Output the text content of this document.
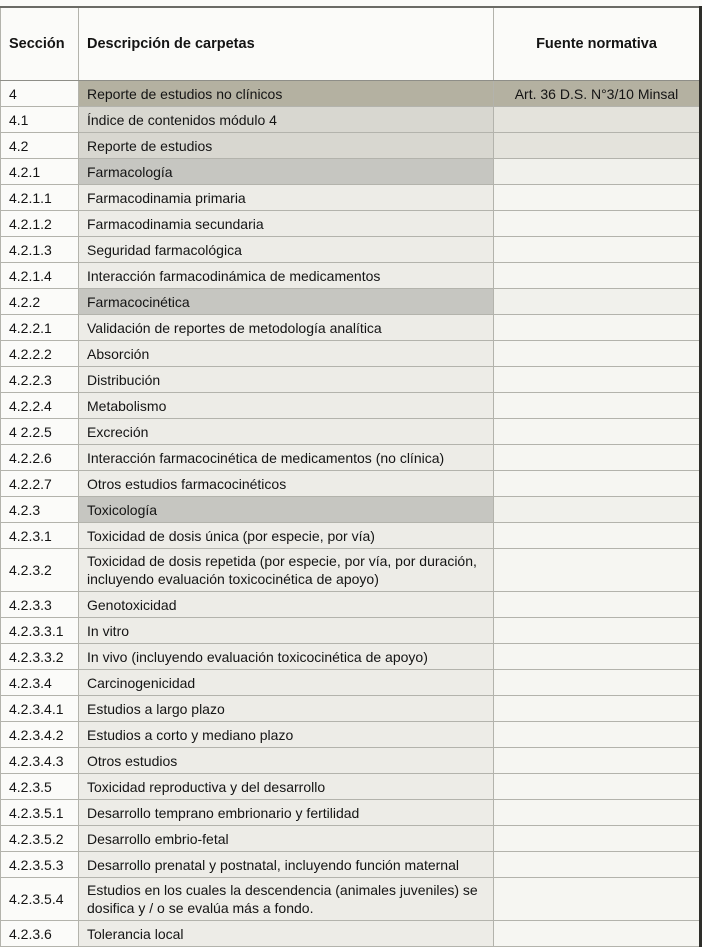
Sección	Descripción de carpetas	Fuente normativa
4	Reporte de estudios no clínicos	Art. 36 D.S. N°3/10 Minsal
4.1	Índice de contenidos módulo 4	
4.2	Reporte de estudios	
4.2.1	Farmacología	
4.2.1.1	Farmacodinamia primaria	
4.2.1.2	Farmacodinamia secundaria	
4.2.1.3	Seguridad farmacológica	
4.2.1.4	Interacción farmacodinámica de medicamentos	
4.2.2	Farmacocinética	
4.2.2.1	Validación de reportes de metodología analítica	
4.2.2.2	Absorción	
4.2.2.3	Distribución	
4.2.2.4	Metabolismo	
4 2.2.5	Excreción	
4.2.2.6	Interacción farmacocinética de medicamentos (no clínica)	
4.2.2.7	Otros estudios farmacocinéticos	
4.2.3	Toxicología	
4.2.3.1	Toxicidad de dosis única (por especie, por vía)	
4.2.3.2	Toxicidad de dosis repetida (por especie, por vía, por duración, incluyendo evaluación toxicocinética de apoyo)	
4.2.3.3	Genotoxicidad	
4.2.3.3.1	In vitro	
4.2.3.3.2	In vivo (incluyendo evaluación toxicocinética de apoyo)	
4.2.3.4	Carcinogenicidad	
4.2.3.4.1	Estudios a largo plazo	
4.2.3.4.2	Estudios a corto y mediano plazo	
4.2.3.4.3	Otros estudios	
4.2.3.5	Toxicidad reproductiva y del desarrollo	
4.2.3.5.1	Desarrollo temprano embrionario y fertilidad	
4.2.3.5.2	Desarrollo embrio-fetal	
4.2.3.5.3	Desarrollo prenatal y postnatal, incluyendo función maternal	
4.2.3.5.4	Estudios en los cuales la descendencia (animales juveniles) se dosifica y / o se evalúa más a fondo.	
4.2.3.6	Tolerancia local	
